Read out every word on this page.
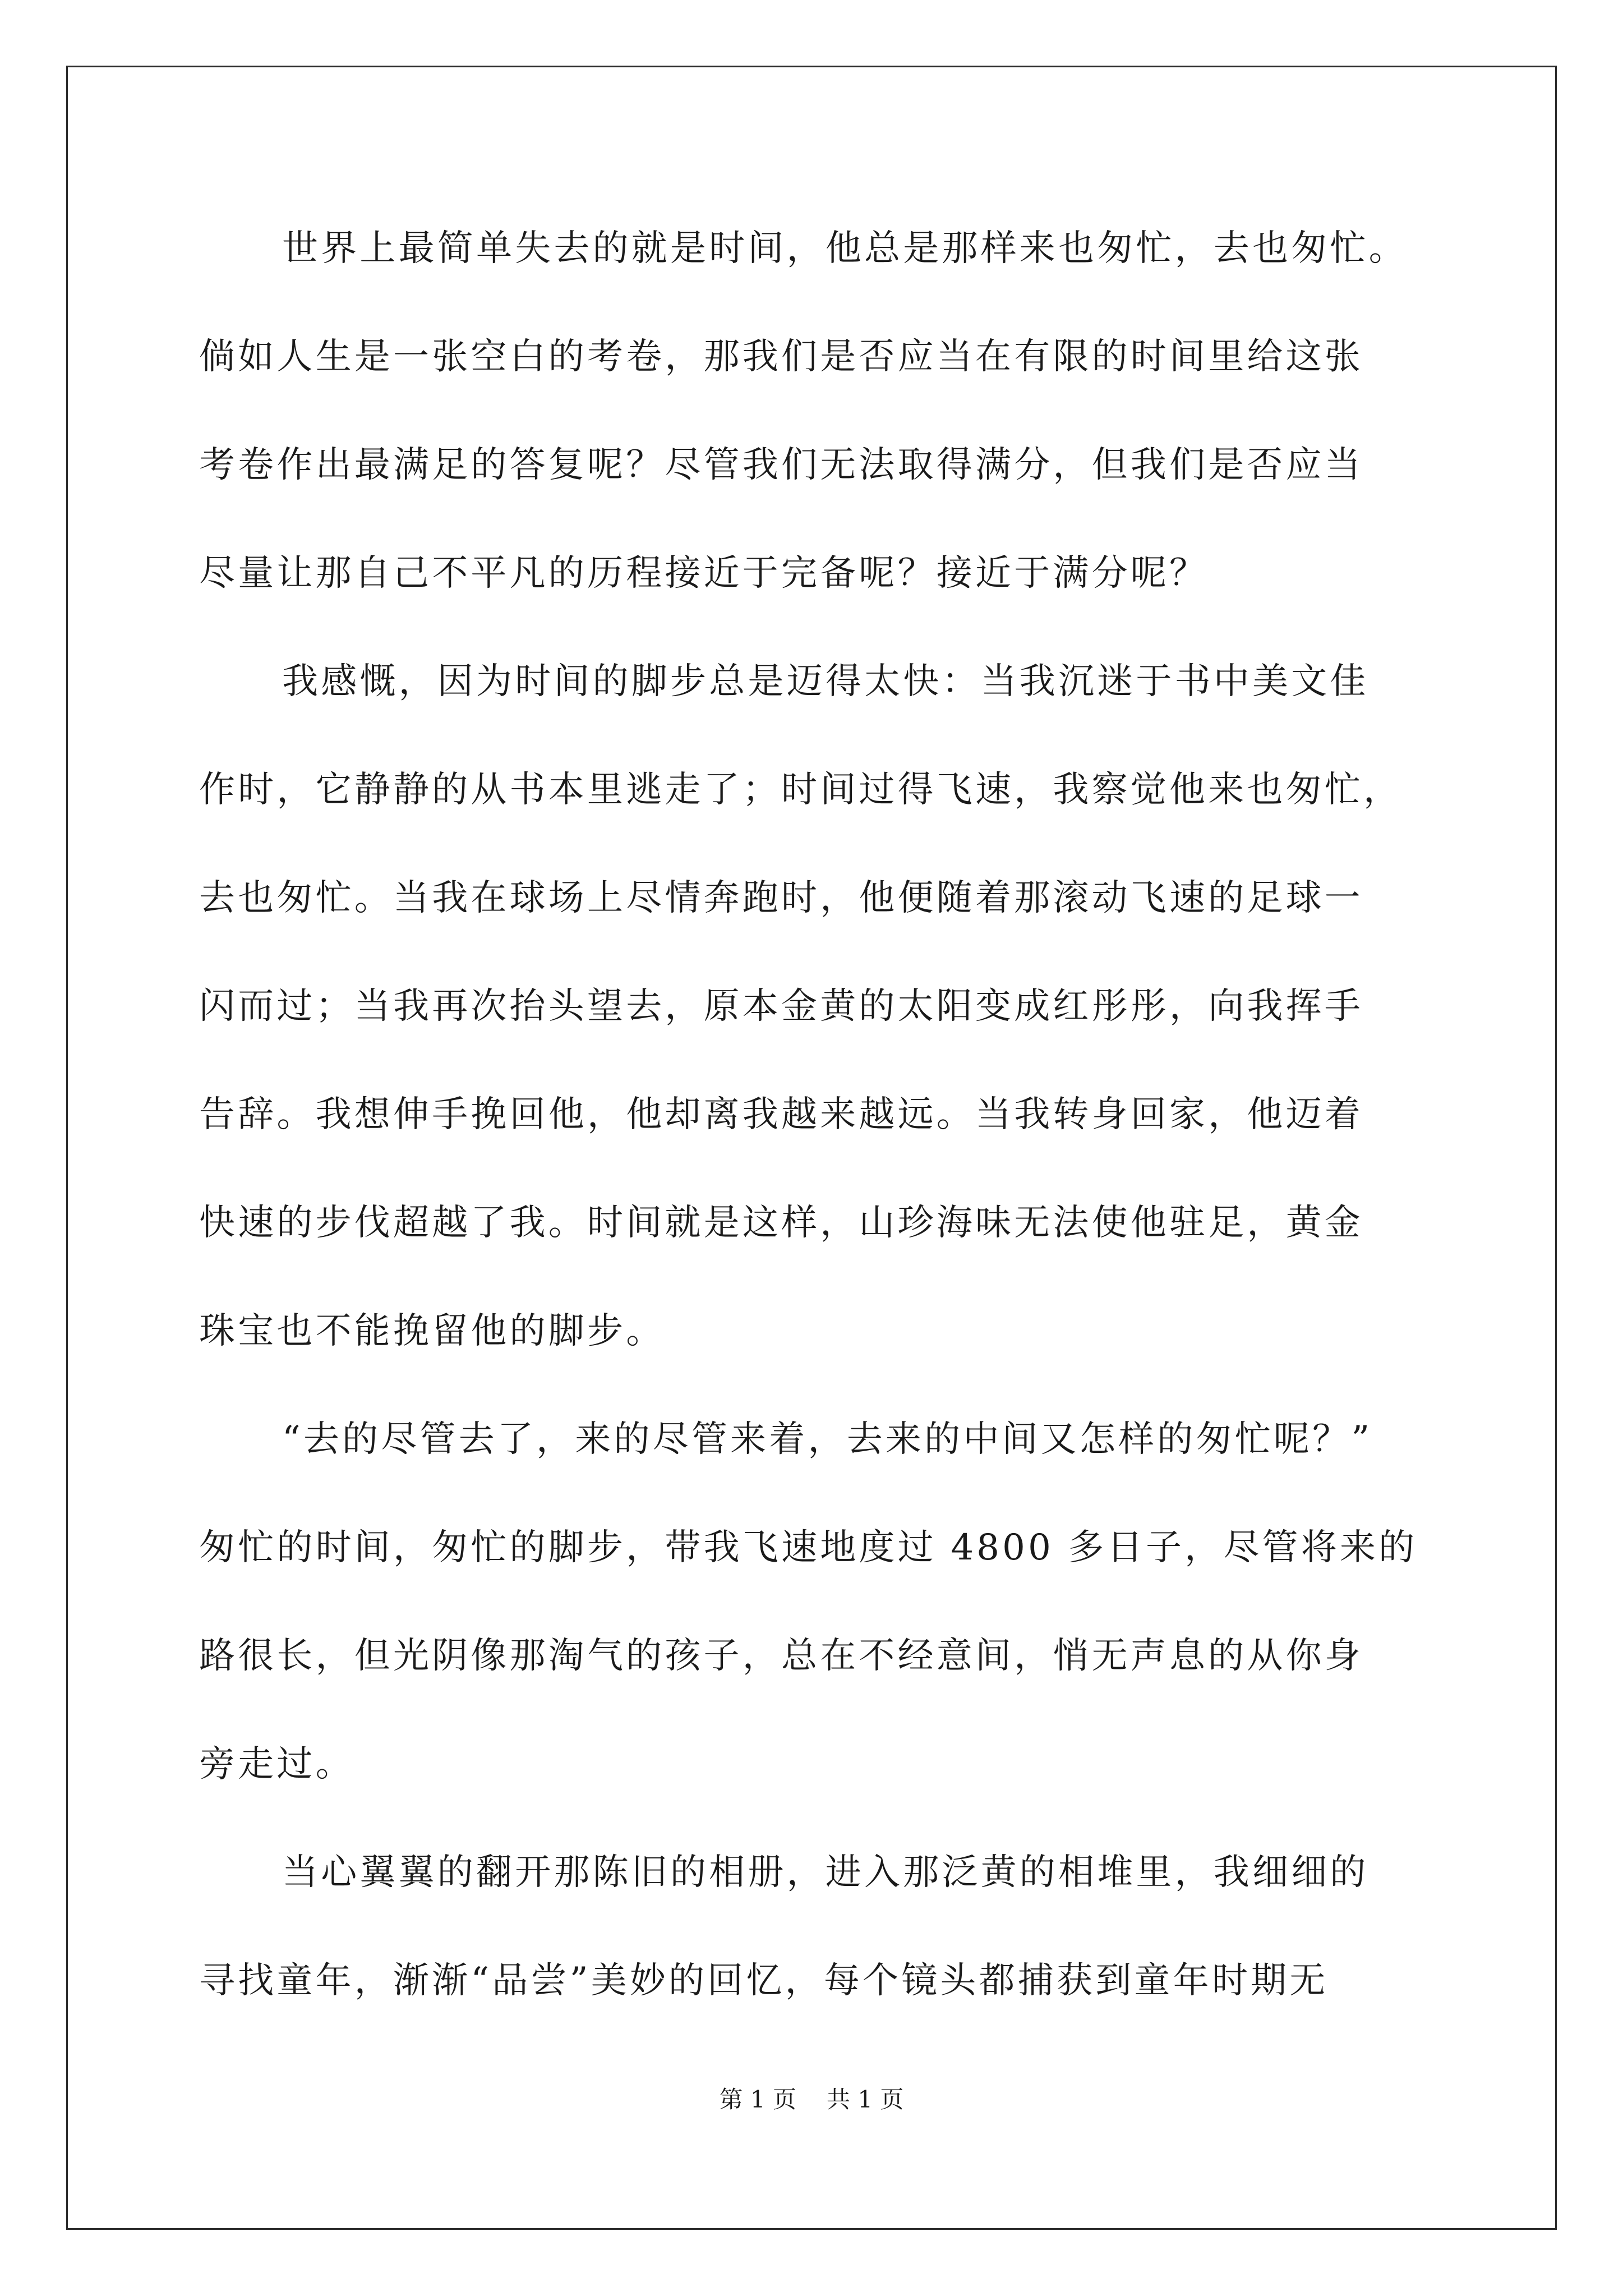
世界上最简单失去的就是时间，他总是那样来也匆忙，去也匆忙。
倘如人生是一张空白的考卷，那我们是否应当在有限的时间里给这张
考卷作出最满足的答复呢？尽管我们无法取得满分，但我们是否应当
尽量让那自己不平凡的历程接近于完备呢？接近于满分呢？
我感慨，因为时间的脚步总是迈得太快：当我沉迷于书中美文佳
作时，它静静的从书本里逃走了；时间过得飞速，我察觉他来也匆忙，
去也匆忙。当我在球场上尽情奔跑时，他便随着那滚动飞速的足球一
闪而过；当我再次抬头望去，原本金黄的太阳变成红彤彤，向我挥手
告辞。我想伸手挽回他，他却离我越来越远。当我转身回家，他迈着
快速的步伐超越了我。时间就是这样，山珍海味无法使他驻足，黄金
珠宝也不能挽留他的脚步。
“去的尽管去了，来的尽管来着，去来的中间又怎样的匆忙呢？”
匆忙的时间，匆忙的脚步，带我飞速地度过 4800 多日子，尽管将来的
路很长，但光阴像那淘气的孩子，总在不经意间，悄无声息的从你身
旁走过。
当心翼翼的翻开那陈旧的相册，进入那泛黄的相堆里，我细细的
寻找童年，渐渐“品尝”美妙的回忆，每个镜头都捕获到童年时期无
第 1 页 共 1 页
